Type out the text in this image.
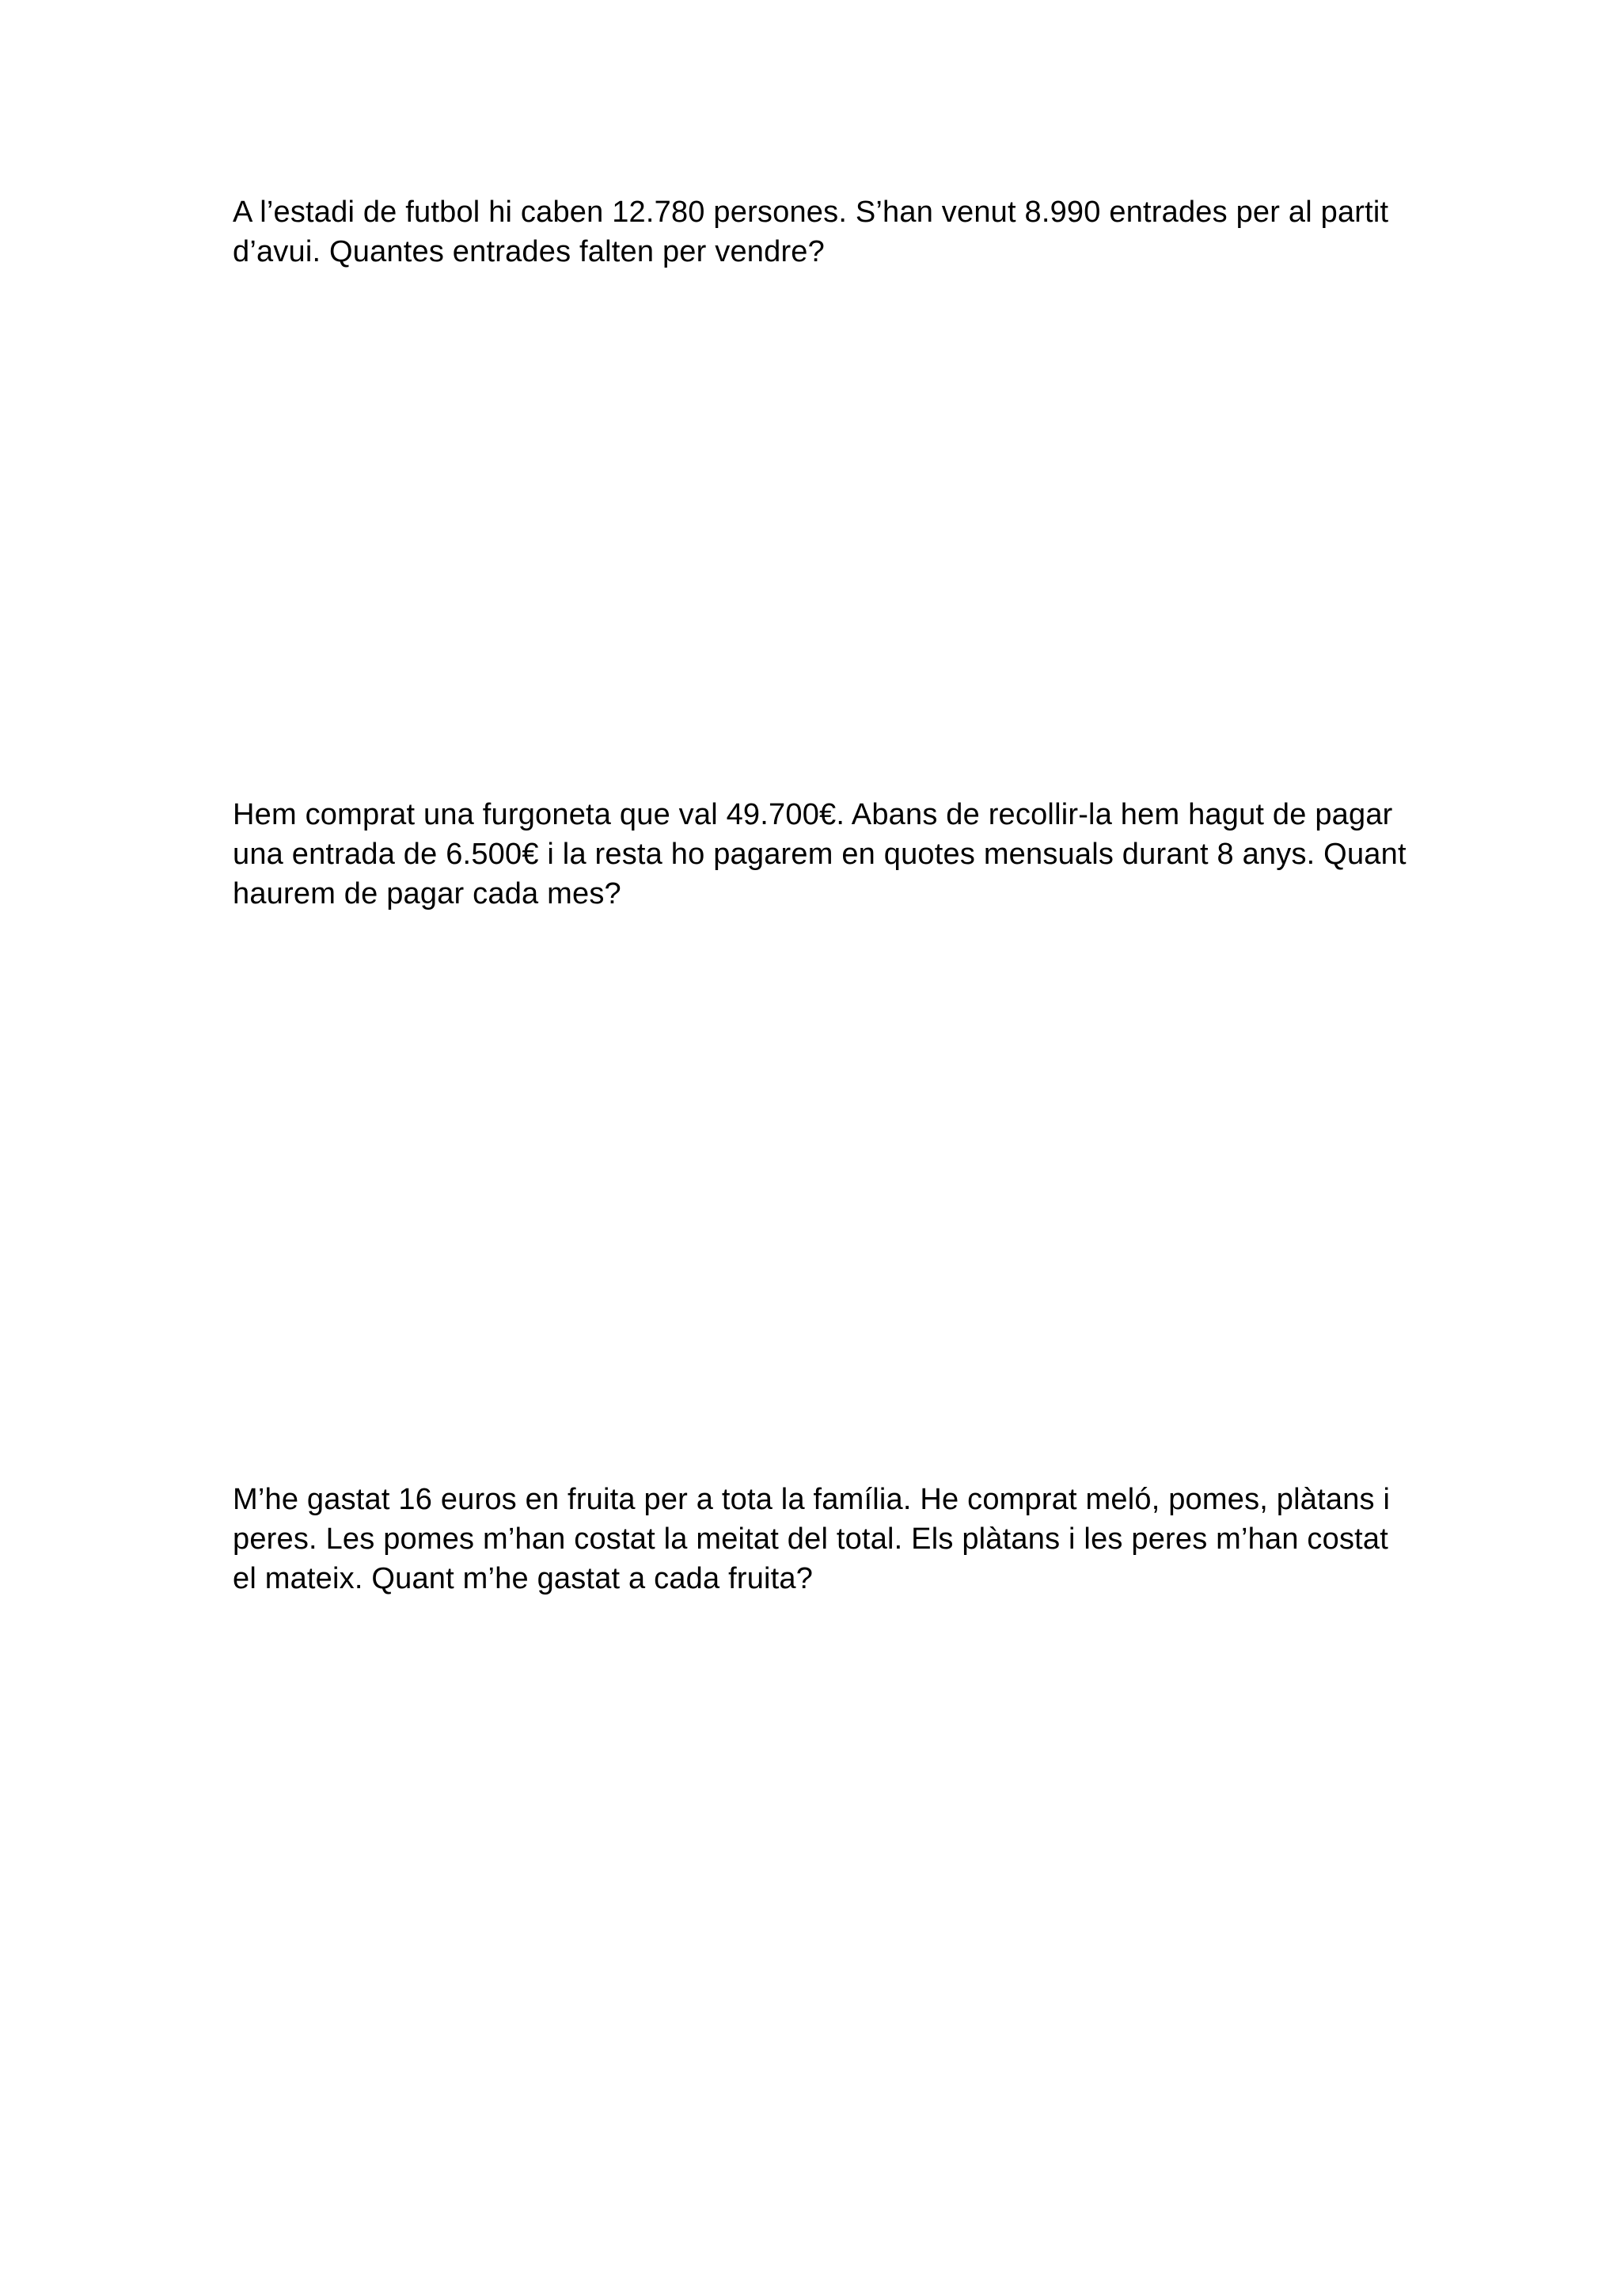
A l’estadi de futbol hi caben 12.780 persones. S’han venut 8.990 entrades per al partit
d’avui. Quantes entrades falten per vendre?
Hem comprat una furgoneta que val 49.700€. Abans de recollir-la hem hagut de pagar
una entrada de 6.500€ i la resta ho pagarem en quotes mensuals durant 8 anys. Quant
haurem de pagar cada mes?
M’he gastat 16 euros en fruita per a tota la família. He comprat meló, pomes, plàtans i
peres. Les pomes m’han costat la meitat del total. Els plàtans i les peres m’han costat
el mateix. Quant m’he gastat a cada fruita?
